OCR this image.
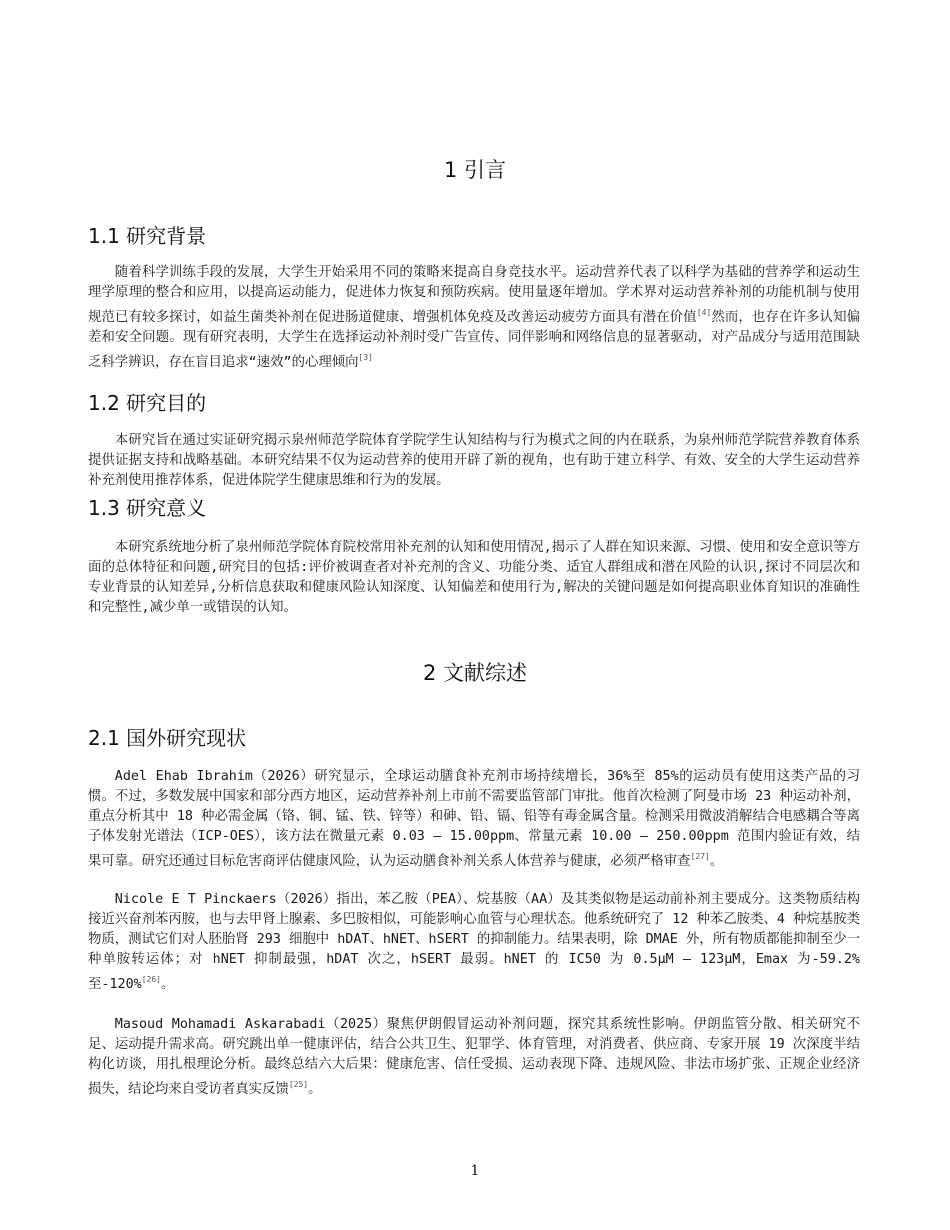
1 引言
1.1 研究背景

随着科学训练手段的发展，大学生开始采用不同的策略来提高自身竞技水平。运动营养代表了以科学为基础的营养学和运动生理学原理的整合和应用，以提高运动能力，促进体力恢复和预防疾病。使用量逐年增加。学术界对运动营养补剂的功能机制与使用规范已有较多探讨，如益生菌类补剂在促进肠道健康、增强机体免疫及改善运动疲劳方面具有潜在价值[4]然而，也存在许多认知偏差和安全问题。现有研究表明，大学生在选择运动补剂时受广告宣传、同伴影响和网络信息的显著驱动，对产品成分与适用范围缺乏科学辨识，存在盲目追求“速效”的心理倾向[3]

1.2 研究目的

本研究旨在通过实证研究揭示泉州师范学院体育学院学生认知结构与行为模式之间的内在联系，为泉州师范学院营养教育体系提供证据支持和战略基础。本研究结果不仅为运动营养的使用开辟了新的视角，也有助于建立科学、有效、安全的大学生运动营养补充剂使用推荐体系，促进体院学生健康思维和行为的发展。

1.3 研究意义

本研究系统地分析了泉州师范学院体育院校常用补充剂的认知和使用情况,揭示了人群在知识来源、习惯、使用和安全意识等方面的总体特征和问题,研究目的包括:评价被调查者对补充剂的含义、功能分类、适宜人群组成和潜在风险的认识,探讨不同层次和专业背景的认知差异,分析信息获取和健康风险认知深度、认知偏差和使用行为,解决的关键问题是如何提高职业体育知识的准确性和完整性,减少单一或错误的认知。

2 文献综述
2.1 国外研究现状

Adel Ehab Ibrahim（2026）研究显示，全球运动膳食补充剂市场持续增长，36%至 85%的运动员有使用这类产品的习惯。不过，多数发展中国家和部分西方地区，运动营养补剂上市前不需要监管部门审批。他首次检测了阿曼市场 23 种运动补剂，重点分析其中 18 种必需金属（铬、铜、锰、铁、锌等）和砷、铅、镉、铅等有毒金属含量。检测采用微波消解结合电感耦合等离子体发射光谱法（ICP-OES），该方法在微量元素 0.03 – 15.00ppm、常量元素 10.00 – 250.00ppm 范围内验证有效，结果可靠。研究还通过目标危害商评估健康风险，认为运动膳食补剂关系人体营养与健康，必须严格审查[27]。

Nicole E T Pinckaers（2026）指出，苯乙胺（PEA）、烷基胺（AA）及其类似物是运动前补剂主要成分。这类物质结构接近兴奋剂苯丙胺，也与去甲肾上腺素、多巴胺相似，可能影响心血管与心理状态。他系统研究了 12 种苯乙胺类、4 种烷基胺类物质，测试它们对人胚胎肾 293 细胞中 hDAT、hNET、hSERT 的抑制能力。结果表明，除 DMAE 外，所有物质都能抑制至少一种单胺转运体；对 hNET 抑制最强，hDAT 次之，hSERT 最弱。hNET 的 IC50 为 0.5μM – 123μM，Emax 为-59.2%至-120%[26]。

Masoud Mohamadi Askarabadi（2025）聚焦伊朗假冒运动补剂问题，探究其系统性影响。伊朗监管分散、相关研究不足、运动提升需求高。研究跳出单一健康评估，结合公共卫生、犯罪学、体育管理，对消费者、供应商、专家开展 19 次深度半结构化访谈，用扎根理论分析。最终总结六大后果：健康危害、信任受损、运动表现下降、违规风险、非法市场扩张、正规企业经济损失，结论均来自受访者真实反馈[25]。

1
